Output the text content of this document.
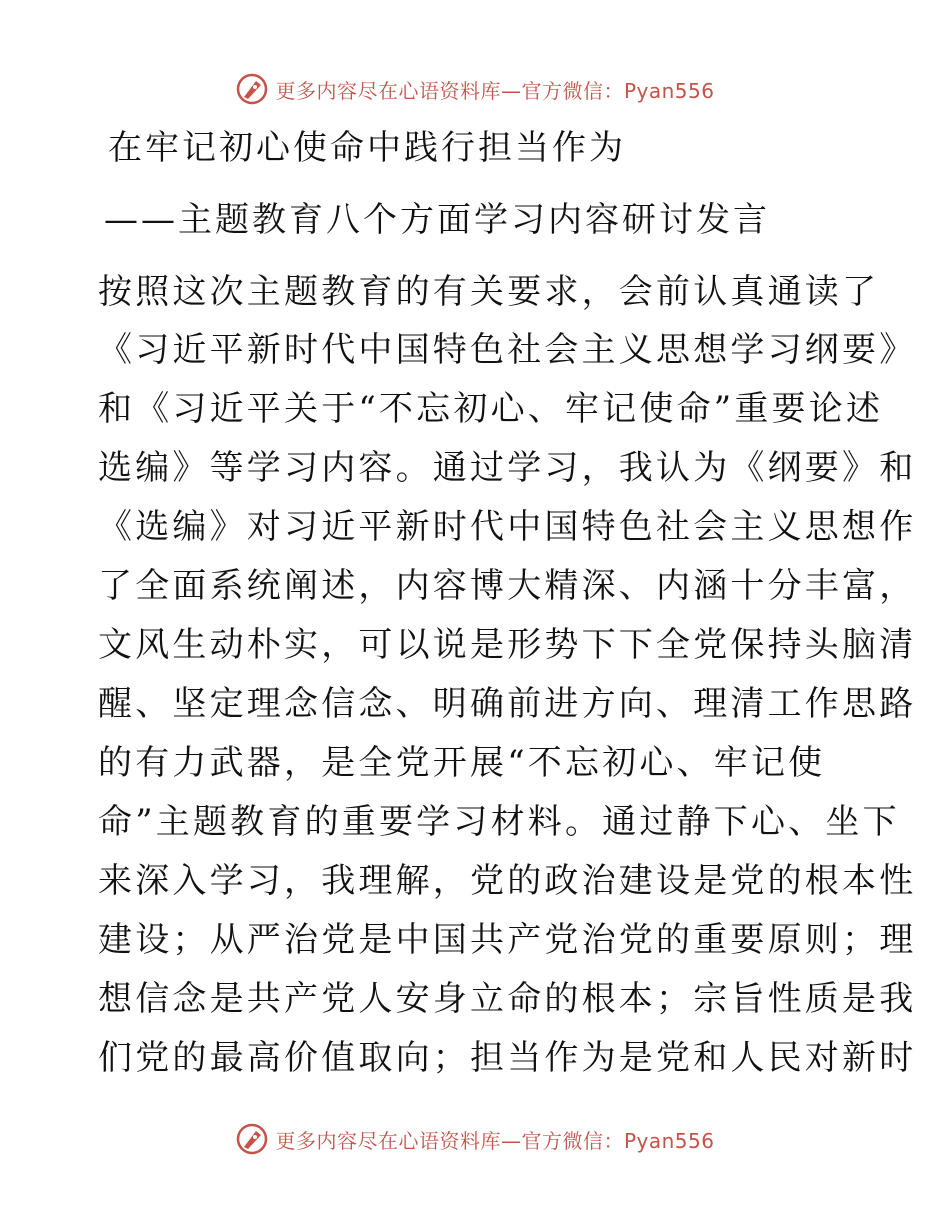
更多内容尽在心语资料库—官方微信：Pyan556
在牢记初心使命中践行担当作为
——主题教育八个方面学习内容研讨发言

按照这次主题教育的有关要求，会前认真通读了

《习近平新时代中国特色社会主义思想学习纲要》

和《习近平关于“不忘初心、牢记使命”重要论述

选编》等学习内容。通过学习，我认为《纲要》和

《选编》对习近平新时代中国特色社会主义思想作

了全面系统阐述，内容博大精深、内涵十分丰富，

文风生动朴实，可以说是形势下下全党保持头脑清

醒、坚定理念信念、明确前进方向、理清工作思路

的有力武器，是全党开展“不忘初心、牢记使

命”主题教育的重要学习材料。通过静下心、坐下

来深入学习，我理解，党的政治建设是党的根本性

建设；从严治党是中国共产党治党的重要原则；理

想信念是共产党人安身立命的根本；宗旨性质是我

们党的最高价值取向；担当作为是党和人民对新时

更多内容尽在心语资料库—官方微信：Pyan556
